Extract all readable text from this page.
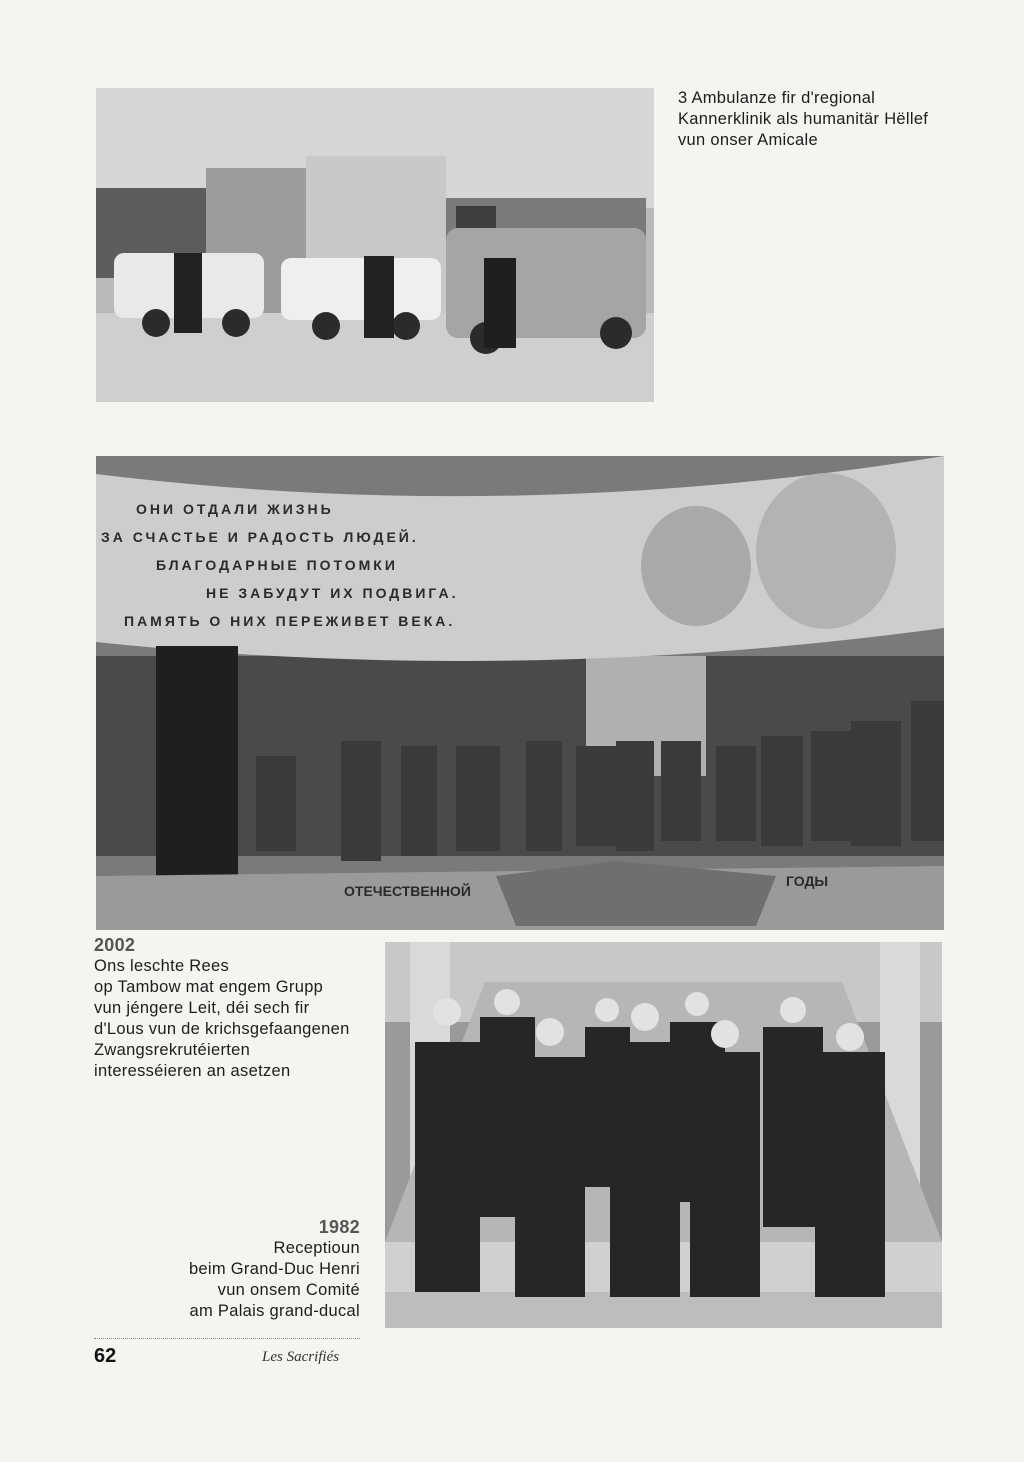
3 Ambulanze fir d'regional
Kannerklinik als humanitär Hëllef
vun onser Amicale
ОНИ ОТДАЛИ ЖИЗНЬ
ЗА СЧАСТЬЕ И РАДОСТЬ ЛЮДЕЙ.
БЛАГОДАРНЫЕ ПОТОМКИ
НЕ ЗАБУДУТ ИХ ПОДВИГА.
ПАМЯТЬ О НИХ ПЕРЕЖИВЕТ ВЕКА.
ОТЕЧЕСТВЕННОЙ
ГОДЫ
2002
Ons leschte Rees
op Tambow mat engem Grupp
vun jéngere Leit, déi sech fir
d'Lous vun de krichsgefaangenen
Zwangsrekrutéierten
interesséieren an asetzen
1982
Receptioun
beim Grand-Duc Henri
vun onsem Comité
am Palais grand-ducal
62	Les Sacrifiés
